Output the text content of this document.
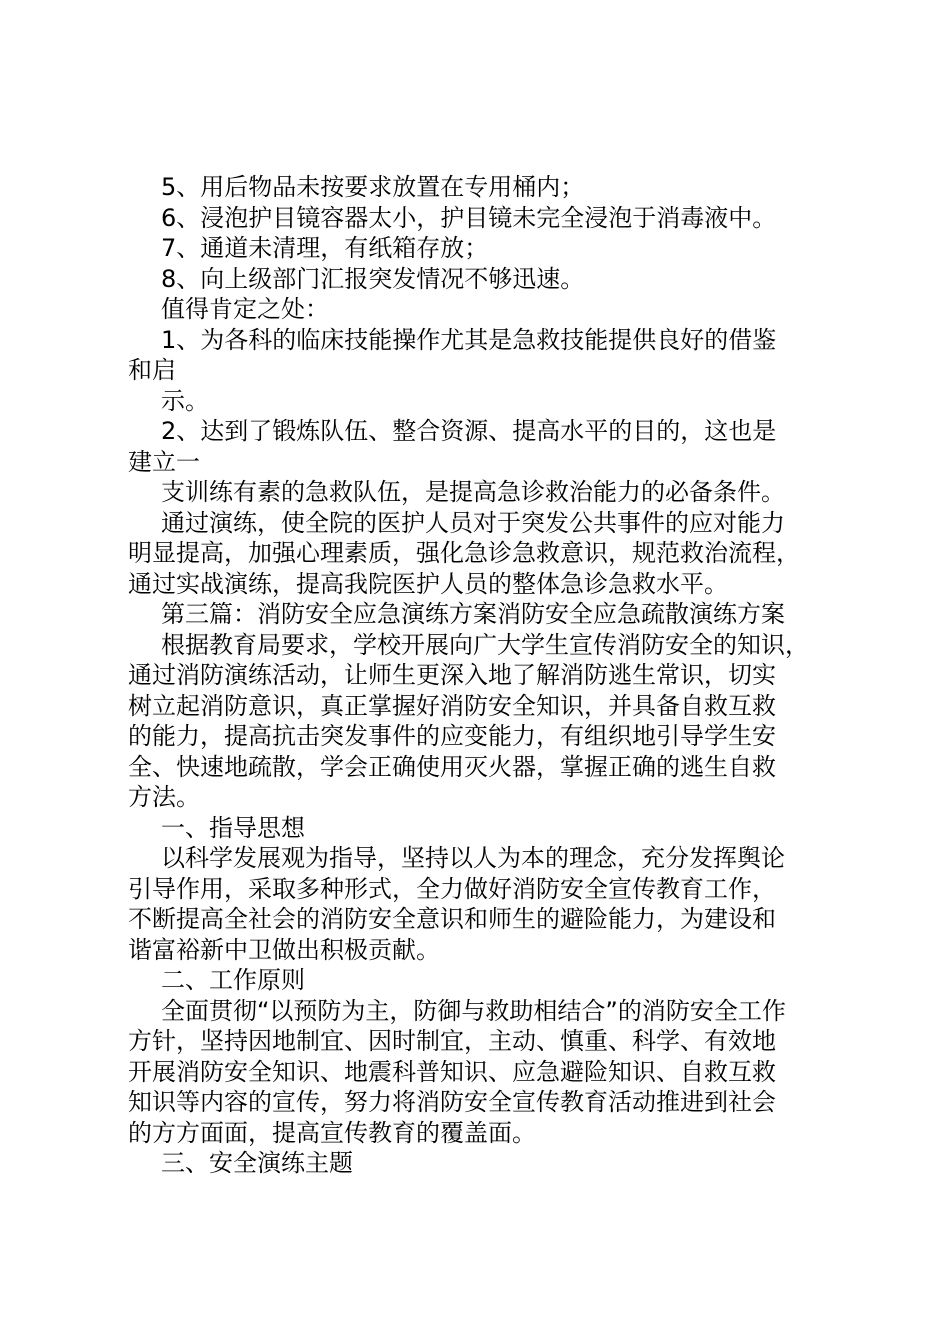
5、用后物品未按要求放置在专用桶内；
6、浸泡护目镜容器太小，护目镜未完全浸泡于消毒液中。
7、通道未清理，有纸箱存放；
8、向上级部门汇报突发情况不够迅速。
值得肯定之处：
1、为各科的临床技能操作尤其是急救技能提供良好的借鉴
和启
示。
2、达到了锻炼队伍、整合资源、提高水平的目的，这也是
建立一
支训练有素的急救队伍，是提高急诊救治能力的必备条件。
通过演练，使全院的医护人员对于突发公共事件的应对能力
明显提高，加强心理素质，强化急诊急救意识，规范救治流程，
通过实战演练，提高我院医护人员的整体急诊急救水平。
第三篇：消防安全应急演练方案消防安全应急疏散演练方案
根据教育局要求，学校开展向广大学生宣传消防安全的知识，
通过消防演练活动，让师生更深入地了解消防逃生常识，切实
树立起消防意识，真正掌握好消防安全知识，并具备自救互救
的能力，提高抗击突发事件的应变能力，有组织地引导学生安
全、快速地疏散，学会正确使用灭火器，掌握正确的逃生自救
方法。
一、指导思想
以科学发展观为指导，坚持以人为本的理念，充分发挥舆论
引导作用，采取多种形式，全力做好消防安全宣传教育工作，
不断提高全社会的消防安全意识和师生的避险能力，为建设和
谐富裕新中卫做出积极贡献。
二、工作原则
全面贯彻“以预防为主，防御与救助相结合”的消防安全工作
方针，坚持因地制宜、因时制宜，主动、慎重、科学、有效地
开展消防安全知识、地震科普知识、应急避险知识、自救互救
知识等内容的宣传，努力将消防安全宣传教育活动推进到社会
的方方面面，提高宣传教育的覆盖面。
三、安全演练主题
